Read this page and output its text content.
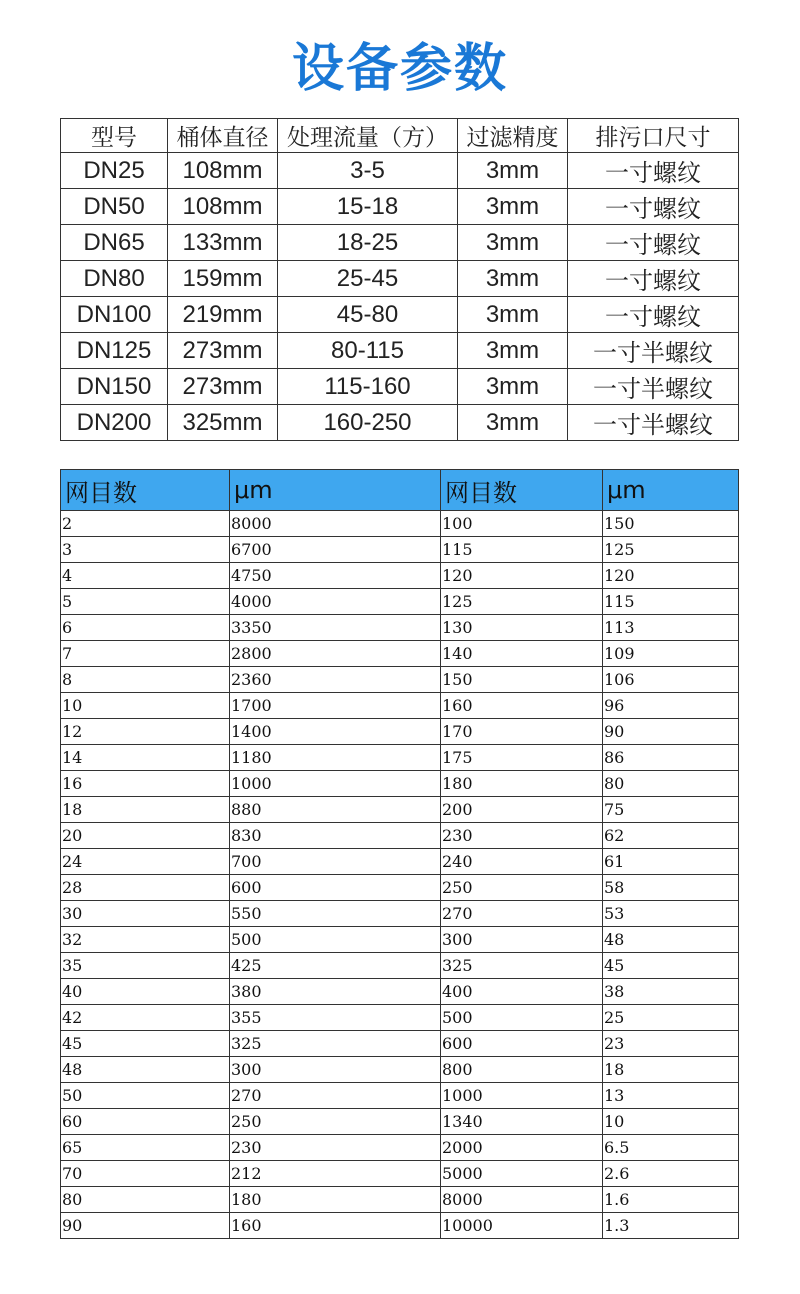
设备参数
型号	桶体直径	处理流量（方）	过滤精度	排污口尺寸
DN25	108mm	3-5	3mm	一寸螺纹
DN50	108mm	15-18	3mm	一寸螺纹
DN65	133mm	18-25	3mm	一寸螺纹
DN80	159mm	25-45	3mm	一寸螺纹
DN100	219mm	45-80	3mm	一寸螺纹
DN125	273mm	80-115	3mm	一寸半螺纹
DN150	273mm	115-160	3mm	一寸半螺纹
DN200	325mm	160-250	3mm	一寸半螺纹
网目数	μm	网目数	μm
2	8000	100	150
3	6700	115	125
4	4750	120	120
5	4000	125	115
6	3350	130	113
7	2800	140	109
8	2360	150	106
10	1700	160	96
12	1400	170	90
14	1180	175	86
16	1000	180	80
18	880	200	75
20	830	230	62
24	700	240	61
28	600	250	58
30	550	270	53
32	500	300	48
35	425	325	45
40	380	400	38
42	355	500	25
45	325	600	23
48	300	800	18
50	270	1000	13
60	250	1340	10
65	230	2000	6.5
70	212	5000	2.6
80	180	8000	1.6
90	160	10000	1.3
